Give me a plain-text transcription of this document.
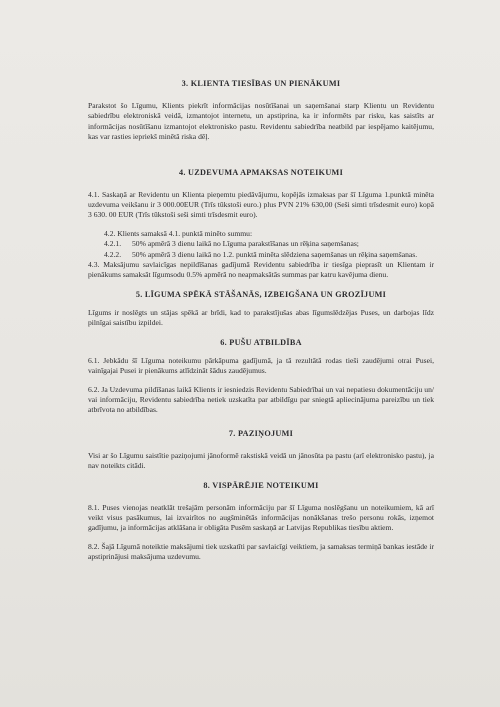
3. KLIENTA TIESĪBAS UN PIENĀKUMI

Parakstot šo Līgumu, Klients piekrīt informācijas nosūtīšanai un saņemšanai starp Klientu un Revidentu sabiedrību elektroniskā veidā, izmantojot internetu, un apstiprina, ka ir informēts par risku, kas saistīts ar informācijas nosūtīšanu izmantojot elektronisko pastu. Revidentu sabiedrība neatbild par iespējamo kaitējumu, kas var rasties iepriekš minētā riska dēļ.

4. UZDEVUMA APMAKSAS NOTEIKUMI

4.1. Saskaņā ar Revidentu un Klienta pieņemtu piedāvājumu, kopējās izmaksas par šī Līguma 1.punktā minēta uzdevuma veikšanu ir 3 000.00EUR (Trīs tūkstoši euro.) plus PVN 21% 630,00 (Seši simti trīsdesmit euro) kopā 3 630. 00 EUR (Trīs tūkstoši seši simti trīsdesmit euro).

4.2. Klients samaksā 4.1. punktā minēto summu:

4.2.1.	50% apmērā 3 dienu laikā no Līguma parakstīšanas un rēķina saņemšanas;
4.2.2.	50% apmērā 3 dienu laikā no 1.2. punktā minēta slēdziena saņemšanas un rēķina saņemšanas.

4.3. Maksājumu savlaicīgas nepildīšanas gadījumā Revidentu sabiedrība ir tiesīga pieprasīt un Klientam ir pienākums samaksāt līgumsodu 0.5% apmērā no neapmaksātās summas par katru kavējuma dienu.

5. LĪGUMA SPĒKĀ STĀŠANĀS, IZBEIGŠANA UN GROZĪJUMI

Līgums ir noslēgts un stājas spēkā ar brīdi, kad to parakstījušas abas līgumslēdzējas Puses, un darbojas līdz pilnīgai saistību izpildei.

6. PUŠU ATBILDĪBA

6.1. Jebkādu šī Līguma noteikumu pārkāpuma gadījumā, ja tā rezultātā rodas tieši zaudējumi otrai Pusei, vainīgajai Pusei ir pienākums atlīdzināt šādus zaudējumus.

6.2. Ja Uzdevuma pildīšanas laikā Klients ir iesniedzis Revidentu Sabiedrībai un vai nepatiesu dokumentāciju un/ vai informāciju, Revidentu sabiedrība netiek uzskatīta par atbildīgu par sniegtā apliecinājuma pareizību un tiek atbrīvota no atbildības.

7. PAZIŅOJUMI

Visi ar šo Līgumu saistītie paziņojumi jānoformē rakstiskā veidā un jānosūta pa pastu (arī elektronisko pastu), ja nav noteikts citādi.

8. VISPĀRĒJIE NOTEIKUMI

8.1. Puses vienojas neatklāt trešajām personām informāciju par šī Līguma noslēgšanu un noteikumiem, kā arī veikt visus pasākumus, lai izvairītos no augšminētās informācijas nonākšanas trešo personu rokās, izņemot gadījumu, ja informācijas atklāšana ir obligāta Pusēm saskaņā ar Latvijas Republikas tiesību aktiem.

8.2. Šajā Līgumā noteiktie maksājumi tiek uzskatīti par savlaicīgi veiktiem, ja samaksas termiņā bankas iestāde ir apstiprinājusi maksājuma uzdevumu.
